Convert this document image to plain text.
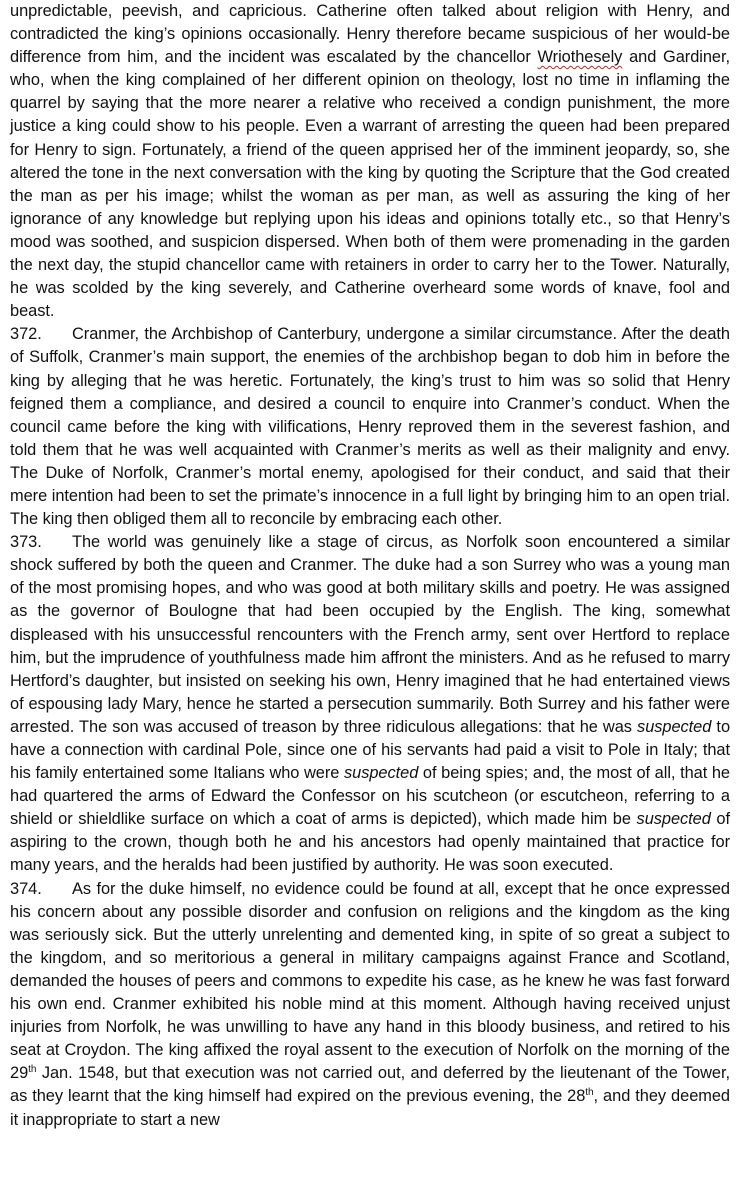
unpredictable, peevish, and capricious. Catherine often talked about religion with Henry, and contradicted the king’s opinions occasionally. Henry therefore became suspicious of her would-be difference from him, and the incident was escalated by the chancellor Wriothesely and Gardiner, who, when the king complained of her different opinion on theology, lost no time in inflaming the quarrel by saying that the more nearer a relative who received a condign punishment, the more justice a king could show to his people. Even a warrant of arresting the queen had been prepared for Henry to sign. Fortunately, a friend of the queen apprised her of the imminent jeopardy, so, she altered the tone in the next conversation with the king by quoting the Scripture that the God created the man as per his image; whilst the woman as per man, as well as assuring the king of her ignorance of any knowledge but replying upon his ideas and opinions totally etc., so that Henry’s mood was soothed, and suspicion dispersed. When both of them were promenading in the garden the next day, the stupid chancellor came with retainers in order to carry her to the Tower. Naturally, he was scolded by the king severely, and Catherine overheard some words of knave, fool and beast.

372. Cranmer, the Archbishop of Canterbury, undergone a similar circumstance. After the death of Suffolk, Cranmer’s main support, the enemies of the archbishop began to dob him in before the king by alleging that he was heretic. Fortunately, the king’s trust to him was so solid that Henry feigned them a compliance, and desired a council to enquire into Cranmer’s conduct. When the council came before the king with vilifications, Henry reproved them in the severest fashion, and told them that he was well acquainted with Cranmer’s merits as well as their malignity and envy. The Duke of Norfolk, Cranmer’s mortal enemy, apologised for their conduct, and said that their mere intention had been to set the primate’s innocence in a full light by bringing him to an open trial. The king then obliged them all to reconcile by embracing each other.

373. The world was genuinely like a stage of circus, as Norfolk soon encountered a similar shock suffered by both the queen and Cranmer. The duke had a son Surrey who was a young man of the most promising hopes, and who was good at both military skills and poetry. He was assigned as the governor of Boulogne that had been occupied by the English. The king, somewhat displeased with his unsuccessful rencounters with the French army, sent over Hertford to replace him, but the imprudence of youthfulness made him affront the ministers. And as he refused to marry Hertford’s daughter, but insisted on seeking his own, Henry imagined that he had entertained views of espousing lady Mary, hence he started a persecution summarily. Both Surrey and his father were arrested. The son was accused of treason by three ridiculous allegations: that he was suspected to have a connection with cardinal Pole, since one of his servants had paid a visit to Pole in Italy; that his family entertained some Italians who were suspected of being spies; and, the most of all, that he had quartered the arms of Edward the Confessor on his scutcheon (or escutcheon, referring to a shield or shieldlike surface on which a coat of arms is depicted), which made him be suspected of aspiring to the crown, though both he and his ancestors had openly maintained that practice for many years, and the heralds had been justified by authority. He was soon executed.

374. As for the duke himself, no evidence could be found at all, except that he once expressed his concern about any possible disorder and confusion on religions and the kingdom as the king was seriously sick. But the utterly unrelenting and demented king, in spite of so great a subject to the kingdom, and so meritorious a general in military campaigns against France and Scotland, demanded the houses of peers and commons to expedite his case, as he knew he was fast forward his own end. Cranmer exhibited his noble mind at this moment. Although having received unjust injuries from Norfolk, he was unwilling to have any hand in this bloody business, and retired to his seat at Croydon. The king affixed the royal assent to the execution of Norfolk on the morning of the 29th Jan. 1548, but that execution was not carried out, and deferred by the lieutenant of the Tower, as they learnt that the king himself had expired on the previous evening, the 28th, and they deemed it inappropriate to start a new
